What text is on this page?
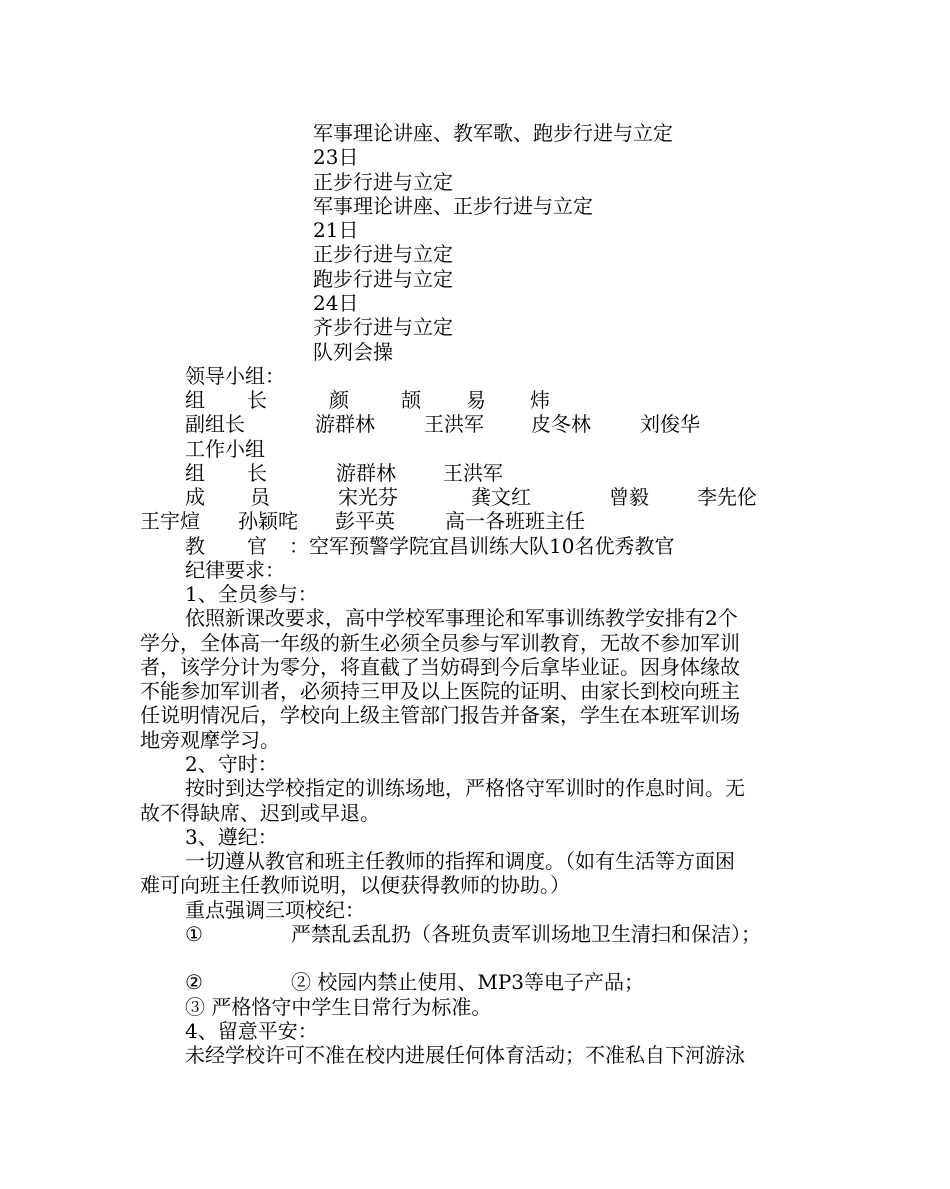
军事理论讲座、教军歌、跑步行进与立定
23日
正步行进与立定
军事理论讲座、正步行进与立定
21日
正步行进与立定
跑步行进与立定
24日
齐步行进与立定
队列会操
领导小组：
组 长	颜	颉 易 炜
副组长	游群林 王洪军 皮冬林 刘俊华
工作小组
组 长	游群林 王洪军
成 员	宋光芬	龚文红	曾毅 李先伦
王宇煊 孙颖咤 彭平英	高一各班班主任
教 官 ：空军预警学院宜昌训练大队10名优秀教官
纪律要求：
1、全员参与：
依照新课改要求，高中学校军事理论和军事训练教学安排有2个
学分，全体高一年级的新生必须全员参与军训教育，无故不参加军训
者，该学分计为零分，将直截了当妨碍到今后拿毕业证。因身体缘故
不能参加军训者，必须持三甲及以上医院的证明、由家长到校向班主
任说明情况后，学校向上级主管部门报告并备案，学生在本班军训场
地旁观摩学习。
2、守时：
按时到达学校指定的训练场地，严格恪守军训时的作息时间。无
故不得缺席、迟到或早退。
3、遵纪：
一切遵从教官和班主任教师的指挥和调度。（如有生活等方面困
难可向班主任教师说明，以便获得教师的协助。）
重点强调三项校纪：
①	严禁乱丢乱扔（各班负责军训场地卫生清扫和保洁）；
②	② 校园内禁止使用、MP3等电子产品；
③ 严格恪守中学生日常行为标准。
4、留意平安：
未经学校许可不准在校内进展任何体育活动；不准私自下河游泳
